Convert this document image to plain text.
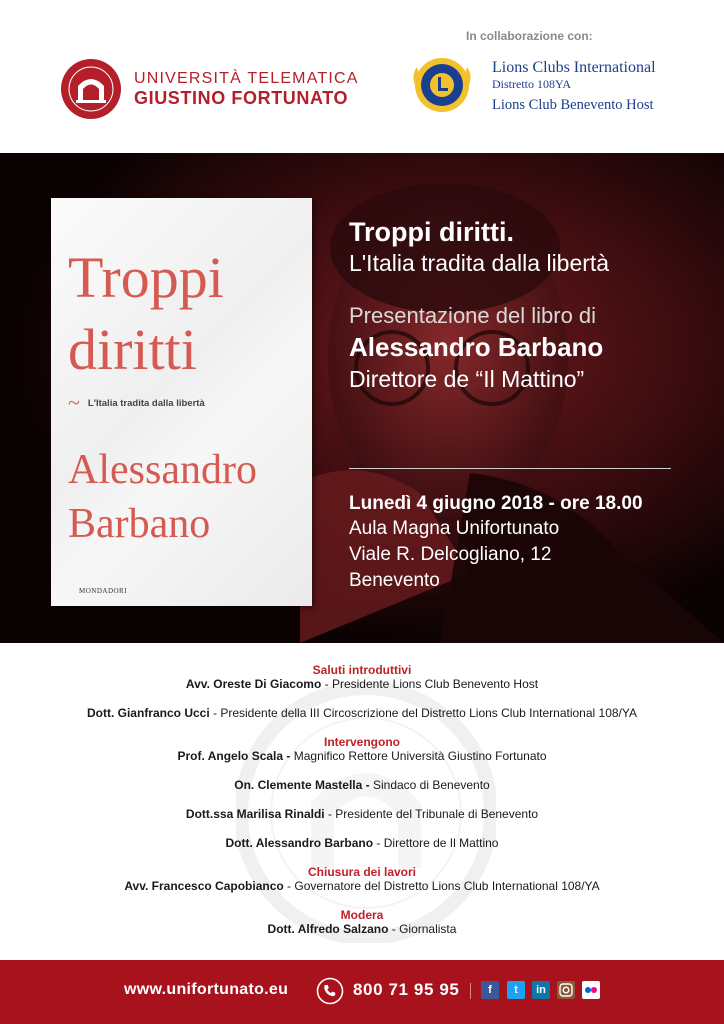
UNIVERSITÀ TELEMATICA
GIUSTINO FORTUNATO
In collaborazione con:
Lions Clubs International
Distretto 108YA
Lions Club Benevento Host
Troppi
diritti
~ L'Italia tradita dalla libertà
Alessandro
Barbano
MONDADORI
Troppi diritti.
L'Italia tradita dalla libertà
Presentazione del libro di
Alessandro Barbano
Direttore de “Il Mattino”
Lunedì 4 giugno 2018 - ore 18.00
Aula Magna Unifortunato
Viale R. Delcogliano, 12
Benevento
Saluti introduttivi
Avv. Oreste Di Giacomo - Presidente Lions Club Benevento Host
Dott. Gianfranco Ucci - Presidente della III Circoscrizione del Distretto Lions Club International 108/YA
Intervengono
Prof. Angelo Scala - Magnifico Rettore Università Giustino Fortunato
On. Clemente Mastella - Sindaco di Benevento
Dott.ssa Marilisa Rinaldi - Presidente del Tribunale di Benevento
Dott. Alessandro Barbano - Direttore de Il Mattino
Chiusura dei lavori
Avv. Francesco Capobianco - Governatore del Distretto Lions Club International 108/YA
Modera
Dott. Alfredo Salzano - Giornalista
www.unifortunato.eu	800 71 95 95	f	t	in
